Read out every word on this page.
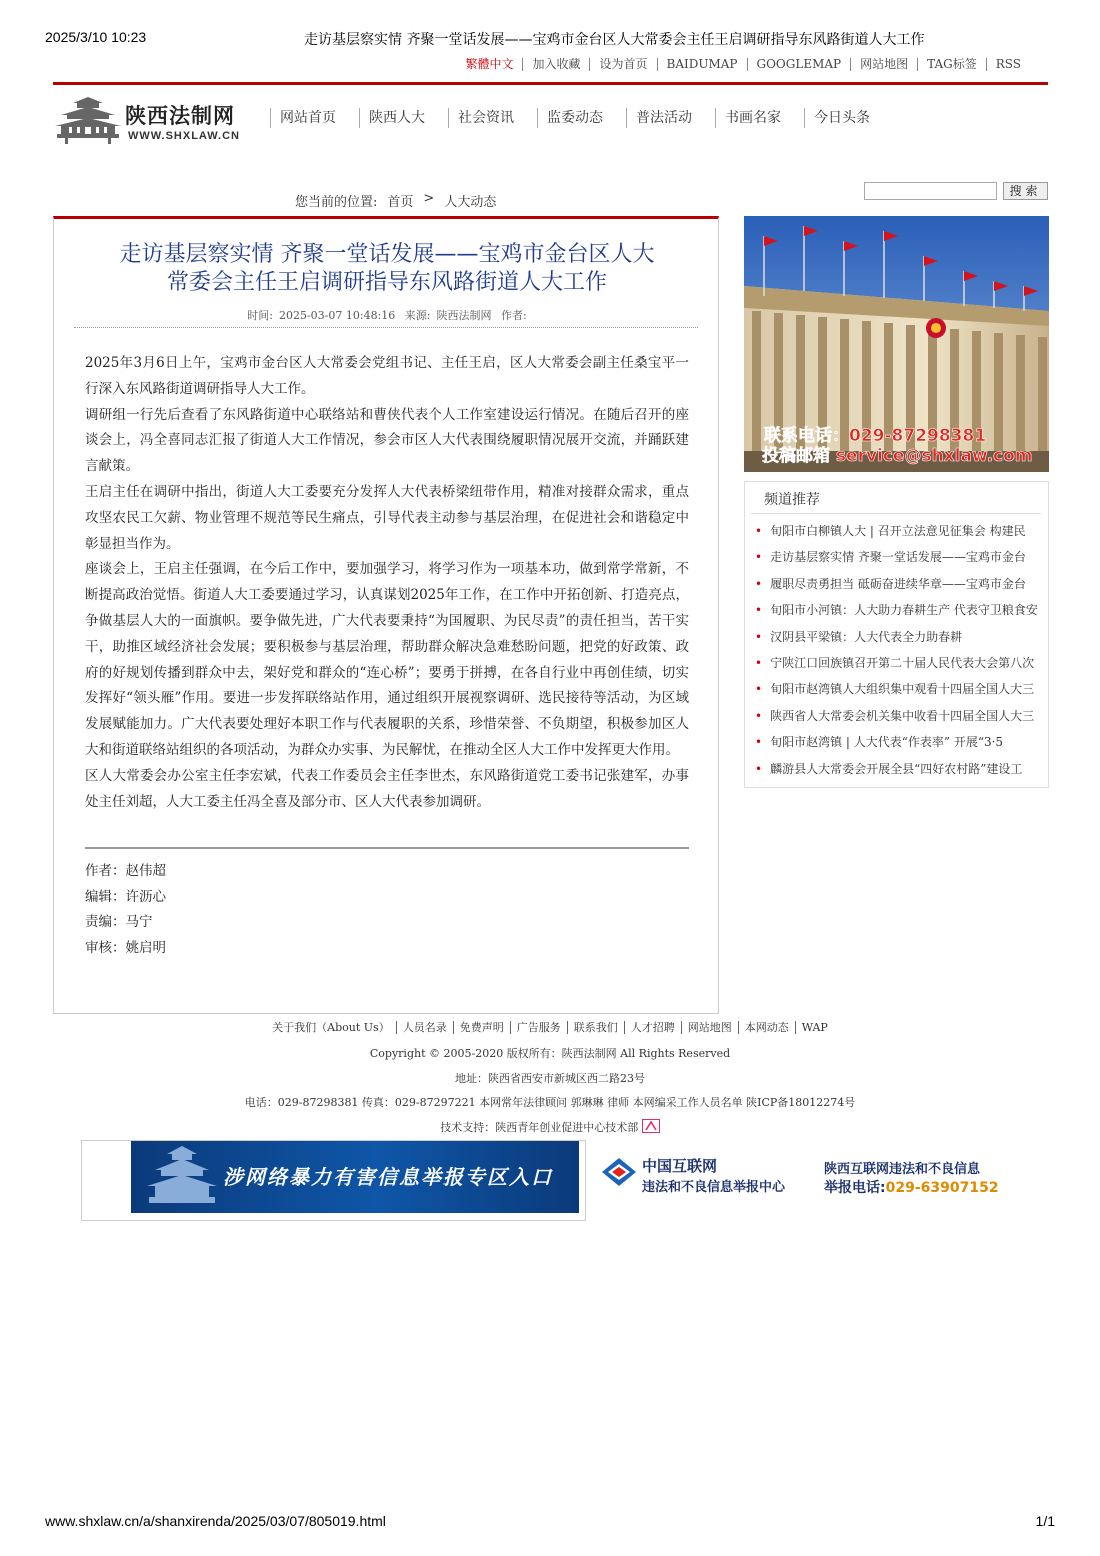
2025/3/10 10:23	走访基层察实情 齐聚一堂话发展——宝鸡市金台区人大常委会主任王启调研指导东风路街道人大工作
繁體中文	加入收藏	设为首页	BAIDUMAP	GOOGLEMAP	网站地图	TAG标签	RSS
陕西法制网
WWW.SHXLAW.CN
网站首页	陕西人大	社会资讯	监委动态	普法活动	书画名家	今日头条
您当前的位置: 首页 > 人大动态
搜索
走访基层察实情 齐聚一堂话发展——宝鸡市金台区人大
常委会主任王启调研指导东风路街道人大工作
时间: 2025-03-07 10:48:16 来源: 陕西法制网 作者:

2025年3月6日上午，宝鸡市金台区人大常委会党组书记、主任王启，区人大常委会副主任桑宝平一行深入东风路街道调研指导人大工作。

调研组一行先后查看了东风路街道中心联络站和曹侠代表个人工作室建设运行情况。在随后召开的座谈会上，冯全喜同志汇报了街道人大工作情况，参会市区人大代表围绕履职情况展开交流，并踊跃建言献策。

王启主任在调研中指出，街道人大工委要充分发挥人大代表桥梁纽带作用，精准对接群众需求，重点攻坚农民工欠薪、物业管理不规范等民生痛点，引导代表主动参与基层治理，在促进社会和谐稳定中彰显担当作为。

座谈会上，王启主任强调，在今后工作中，要加强学习，将学习作为一项基本功，做到常学常新，不断提高政治觉悟。街道人大工委要通过学习，认真谋划2025年工作，在工作中开拓创新、打造亮点，争做基层人大的一面旗帜。要争做先进，广大代表要秉持“为国履职、为民尽责”的责任担当，苦干实干，助推区域经济社会发展；要积极参与基层治理，帮助群众解决急难愁盼问题，把党的好政策、政府的好规划传播到群众中去，架好党和群众的“连心桥”；要勇于拼搏，在各自行业中再创佳绩，切实发挥好“领头雁”作用。要进一步发挥联络站作用，通过组织开展视察调研、选民接待等活动，为区域发展赋能加力。广大代表要处理好本职工作与代表履职的关系，珍惜荣誉、不负期望，积极参加区人大和街道联络站组织的各项活动，为群众办实事、为民解忧，在推动全区人大工作中发挥更大作用。

区人大常委会办公室主任李宏斌，代表工作委员会主任李世杰，东风路街道党工委书记张建军，办事处主任刘超，人大工委主任冯全喜及部分市、区人大代表参加调研。

作者：赵伟超
编辑：许沥心
责编：马宁
审核：姚启明
联系电话：029-87298381
投稿邮箱 service@shxlaw.com
频道推荐
• 旬阳市白柳镇人大 | 召开立法意见征集会 构建民
• 走访基层察实情 齐聚一堂话发展——宝鸡市金台
• 履职尽责勇担当 砥砺奋进续华章——宝鸡市金台
• 旬阳市小河镇：人大助力春耕生产 代表守卫粮食安
• 汉阴县平梁镇：人大代表全力助春耕
• 宁陕江口回族镇召开第二十届人民代表大会第八次
• 旬阳市赵湾镇人大组织集中观看十四届全国人大三
• 陕西省人大常委会机关集中收看十四届全国人大三
• 旬阳市赵湾镇 | 人大代表“作表率” 开展“3·5
• 麟游县人大常委会开展全县“四好农村路”建设工
关于我们（About Us） 人员名录 免费声明 广告服务 联系我们 人才招聘 网站地图 本网动态 WAP
Copyright © 2005-2020 版权所有：陕西法制网 All Rights Reserved
地址：陕西省西安市新城区西二路23号
电话：029-87298381 传真：029-87297221 本网常年法律顾问 郭琳琳 律师 本网编采工作人员名单 陕ICP备18012274号
技术支持：陕西青年创业促进中心技术部
涉网络暴力有害信息举报专区入口	中国互联网
违法和不良信息举报中心
陕西互联网违法和不良信息
举报电话:029-63907152
www.shxlaw.cn/a/shanxirenda/2025/03/07/805019.html	1/1
